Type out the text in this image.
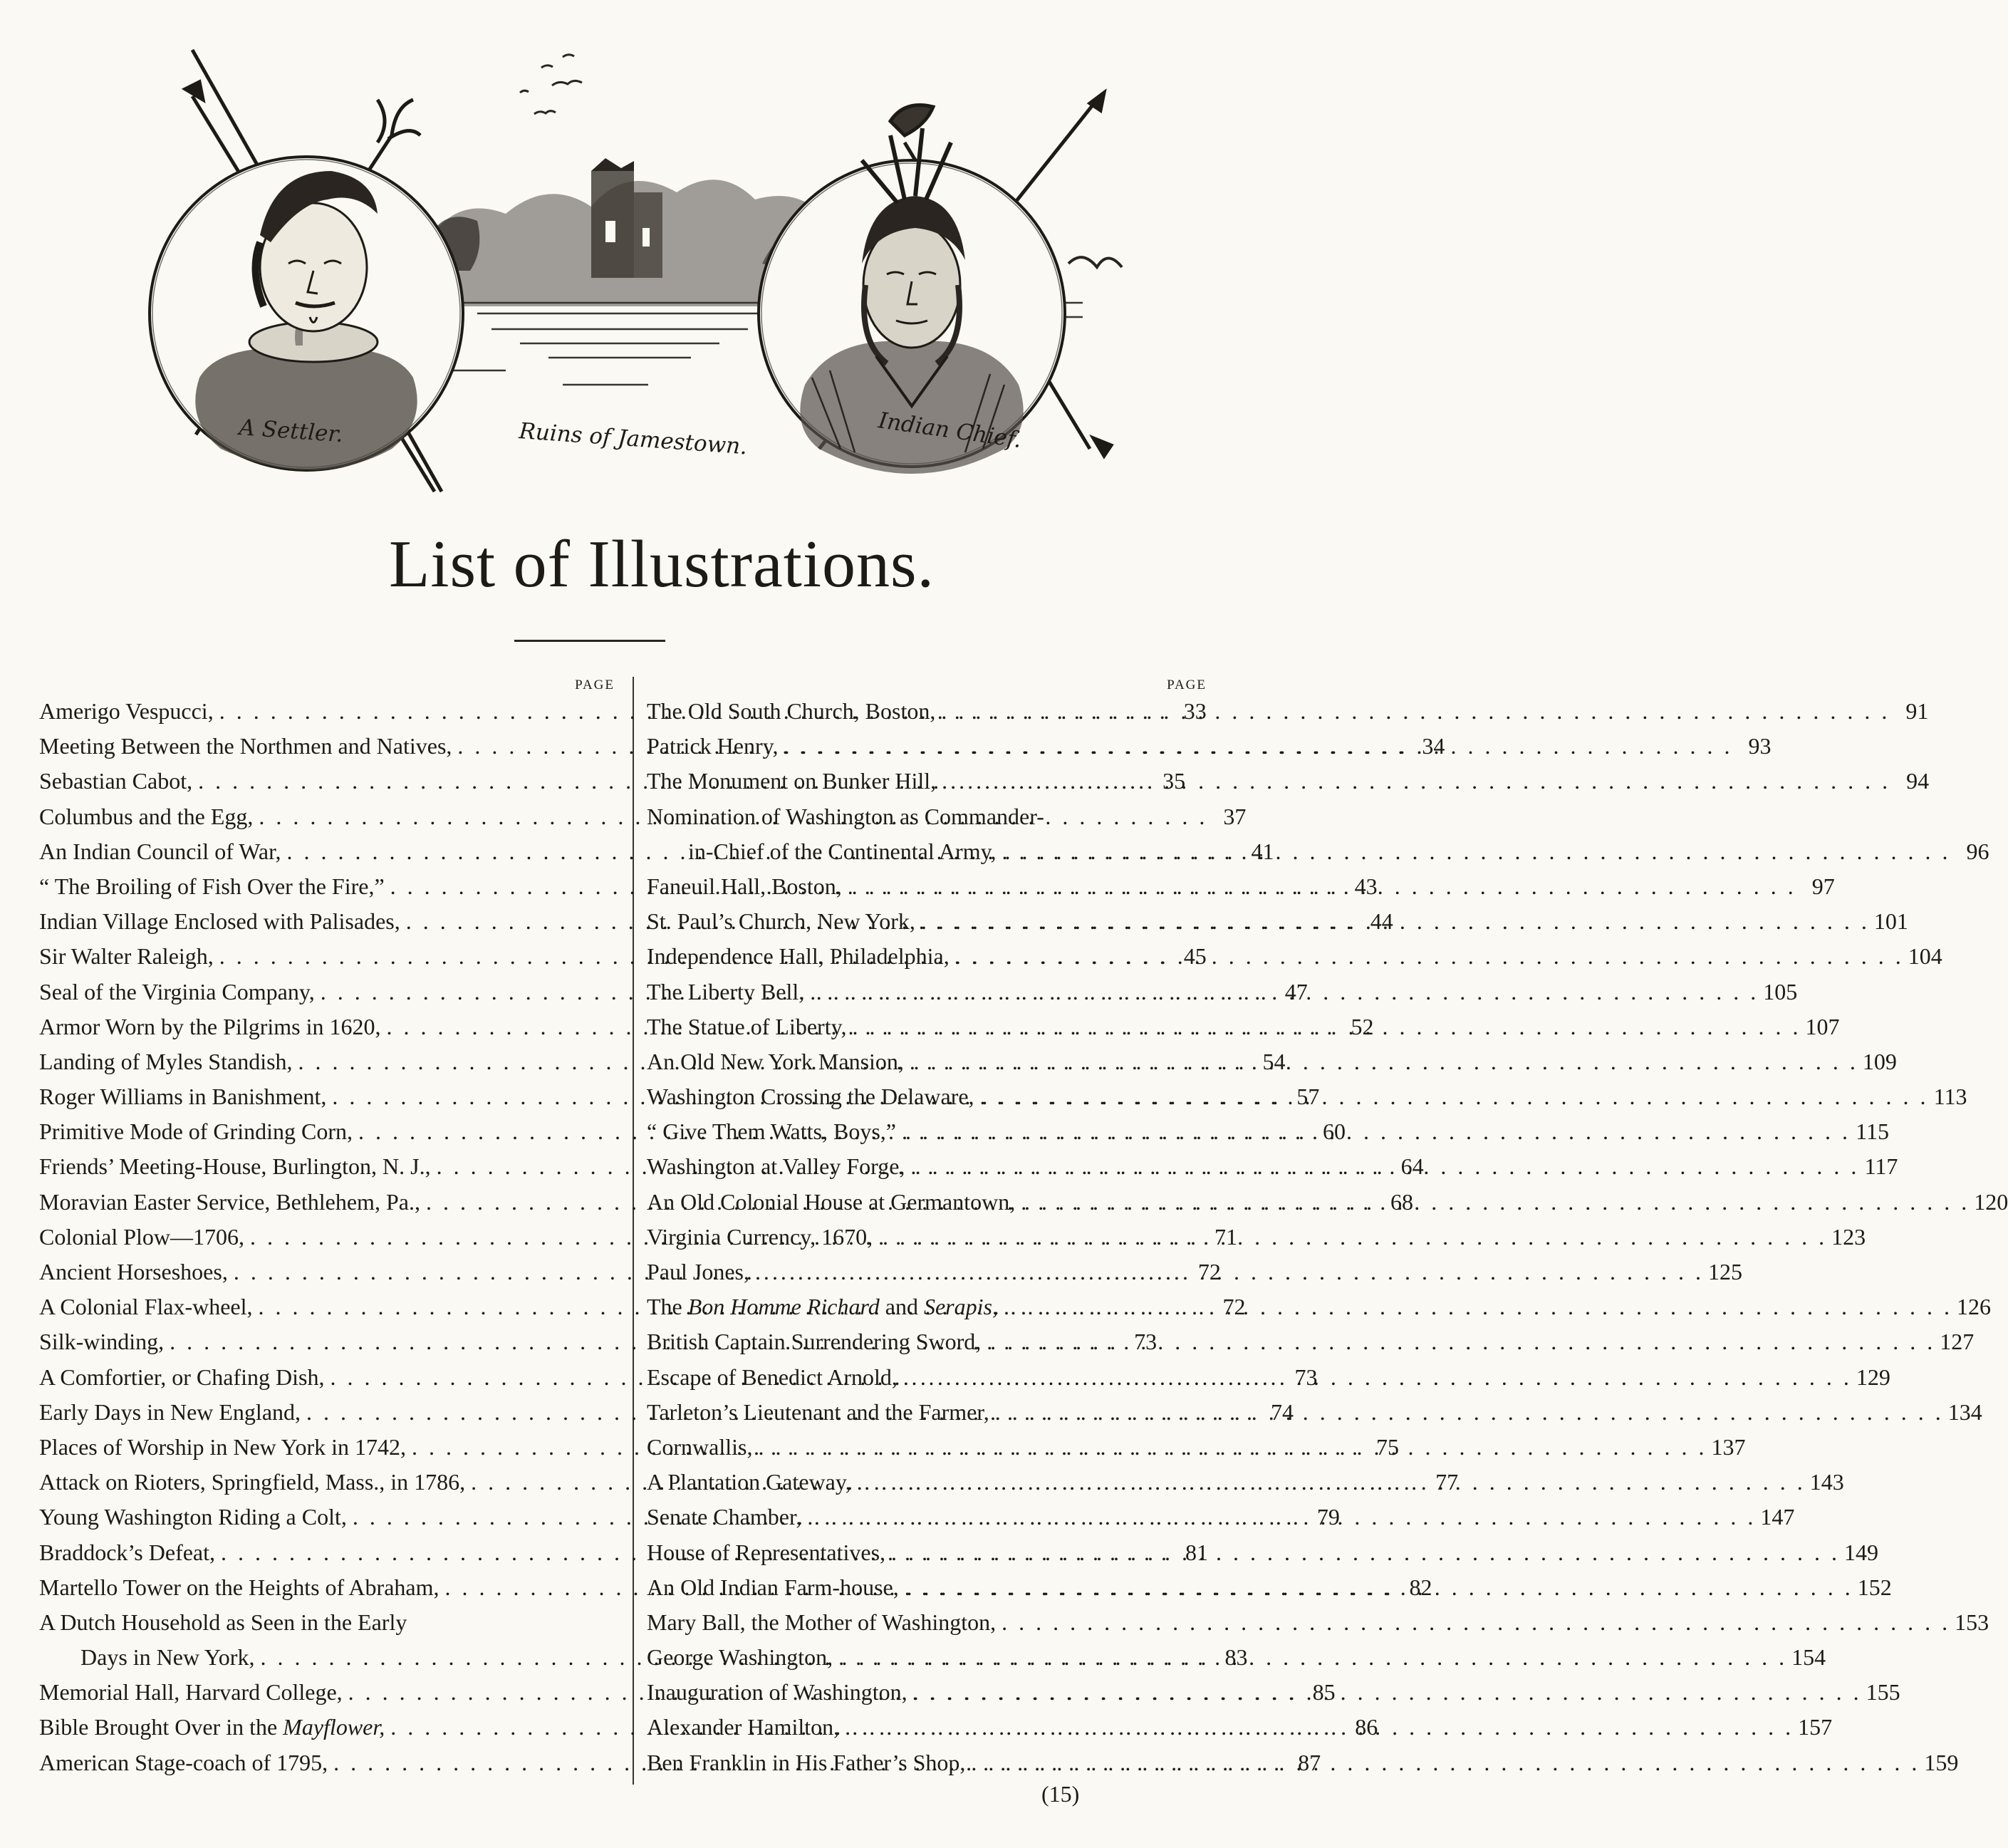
A Settler.	Ruins of Jamestown.	Indian Chief.
List of Illustrations.
PAGE
Amerigo Vespucci, . . .	33
Meeting Between the Northmen and Natives, . . .	34
Sebastian Cabot, . . .	35
Columbus and the Egg, . . .	37
An Indian Council of War, . . .	41
“ The Broiling of Fish Over the Fire,” . . .	43
Indian Village Enclosed with Palisades, . . .	44
Sir Walter Raleigh, . . .	45
Seal of the Virginia Company, . . .	47
Armor Worn by the Pilgrims in 1620, . . .	52
Landing of Myles Standish, . . .	54
Roger Williams in Banishment, . . .	57
Primitive Mode of Grinding Corn, . . .	60
Friends’ Meeting-House, Burlington, N. J., . . .	64
Moravian Easter Service, Bethlehem, Pa., . . .	68
Colonial Plow—1706, . . .	71
Ancient Horseshoes, . . .	72
A Colonial Flax-wheel, . . .	72
Silk-winding, . . .	73
A Comfortier, or Chafing Dish, . . .	73
Early Days in New England, . . .	74
Places of Worship in New York in 1742, . . .	75
Attack on Rioters, Springfield, Mass., in 1786, . . .	77
Young Washington Riding a Colt, . . .	79
Braddock’s Defeat, . . .	81
Martello Tower on the Heights of Abraham, . . .	82
A Dutch Household as Seen in the Early
Days in New York, . . .	83
Memorial Hall, Harvard College, . . .	85
Bible Brought Over in the Mayflower, . . .	86
American Stage-coach of 1795, . . .	87
PAGE
The Old South Church, Boston, . . .	91
Patrick Henry, . . .	93
The Monument on Bunker Hill, . . .	94
Nomination of Washington as Commander-
in-Chief of the Continental Army, . . .	96
Faneuil Hall, Boston, . . .	97
St. Paul’s Church, New York, . . .	101
Independence Hall, Philadelphia, . . .	104
The Liberty Bell, . . .	105
The Statue of Liberty, . . .	107
An Old New York Mansion, . . .	109
Washington Crossing the Delaware, . . .	113
“ Give Them Watts, Boys,” . . .	115
Washington at Valley Forge, . . .	117
An Old Colonial House at Germantown, . . .	120
Virginia Currency, 1670, . . .	123
Paul Jones, . . .	125
The Bon Homme Richard and Serapis, . . .	126
British Captain Surrendering Sword, . . .	127
Escape of Benedict Arnold, . . .	129
Tarleton’s Lieutenant and the Farmer, . . .	134
Cornwallis, . . .	137
A Plantation Gateway, . . .	143
Senate Chamber, . . .	147
House of Representatives, . . .	149
An Old Indian Farm-house, . . .	152
Mary Ball, the Mother of Washington, . . .	153
George Washington, . . .	154
Inauguration of Washington, . . .	155
Alexander Hamilton, . . .	157
Ben Franklin in His Father’s Shop, . . .	159
(15)
